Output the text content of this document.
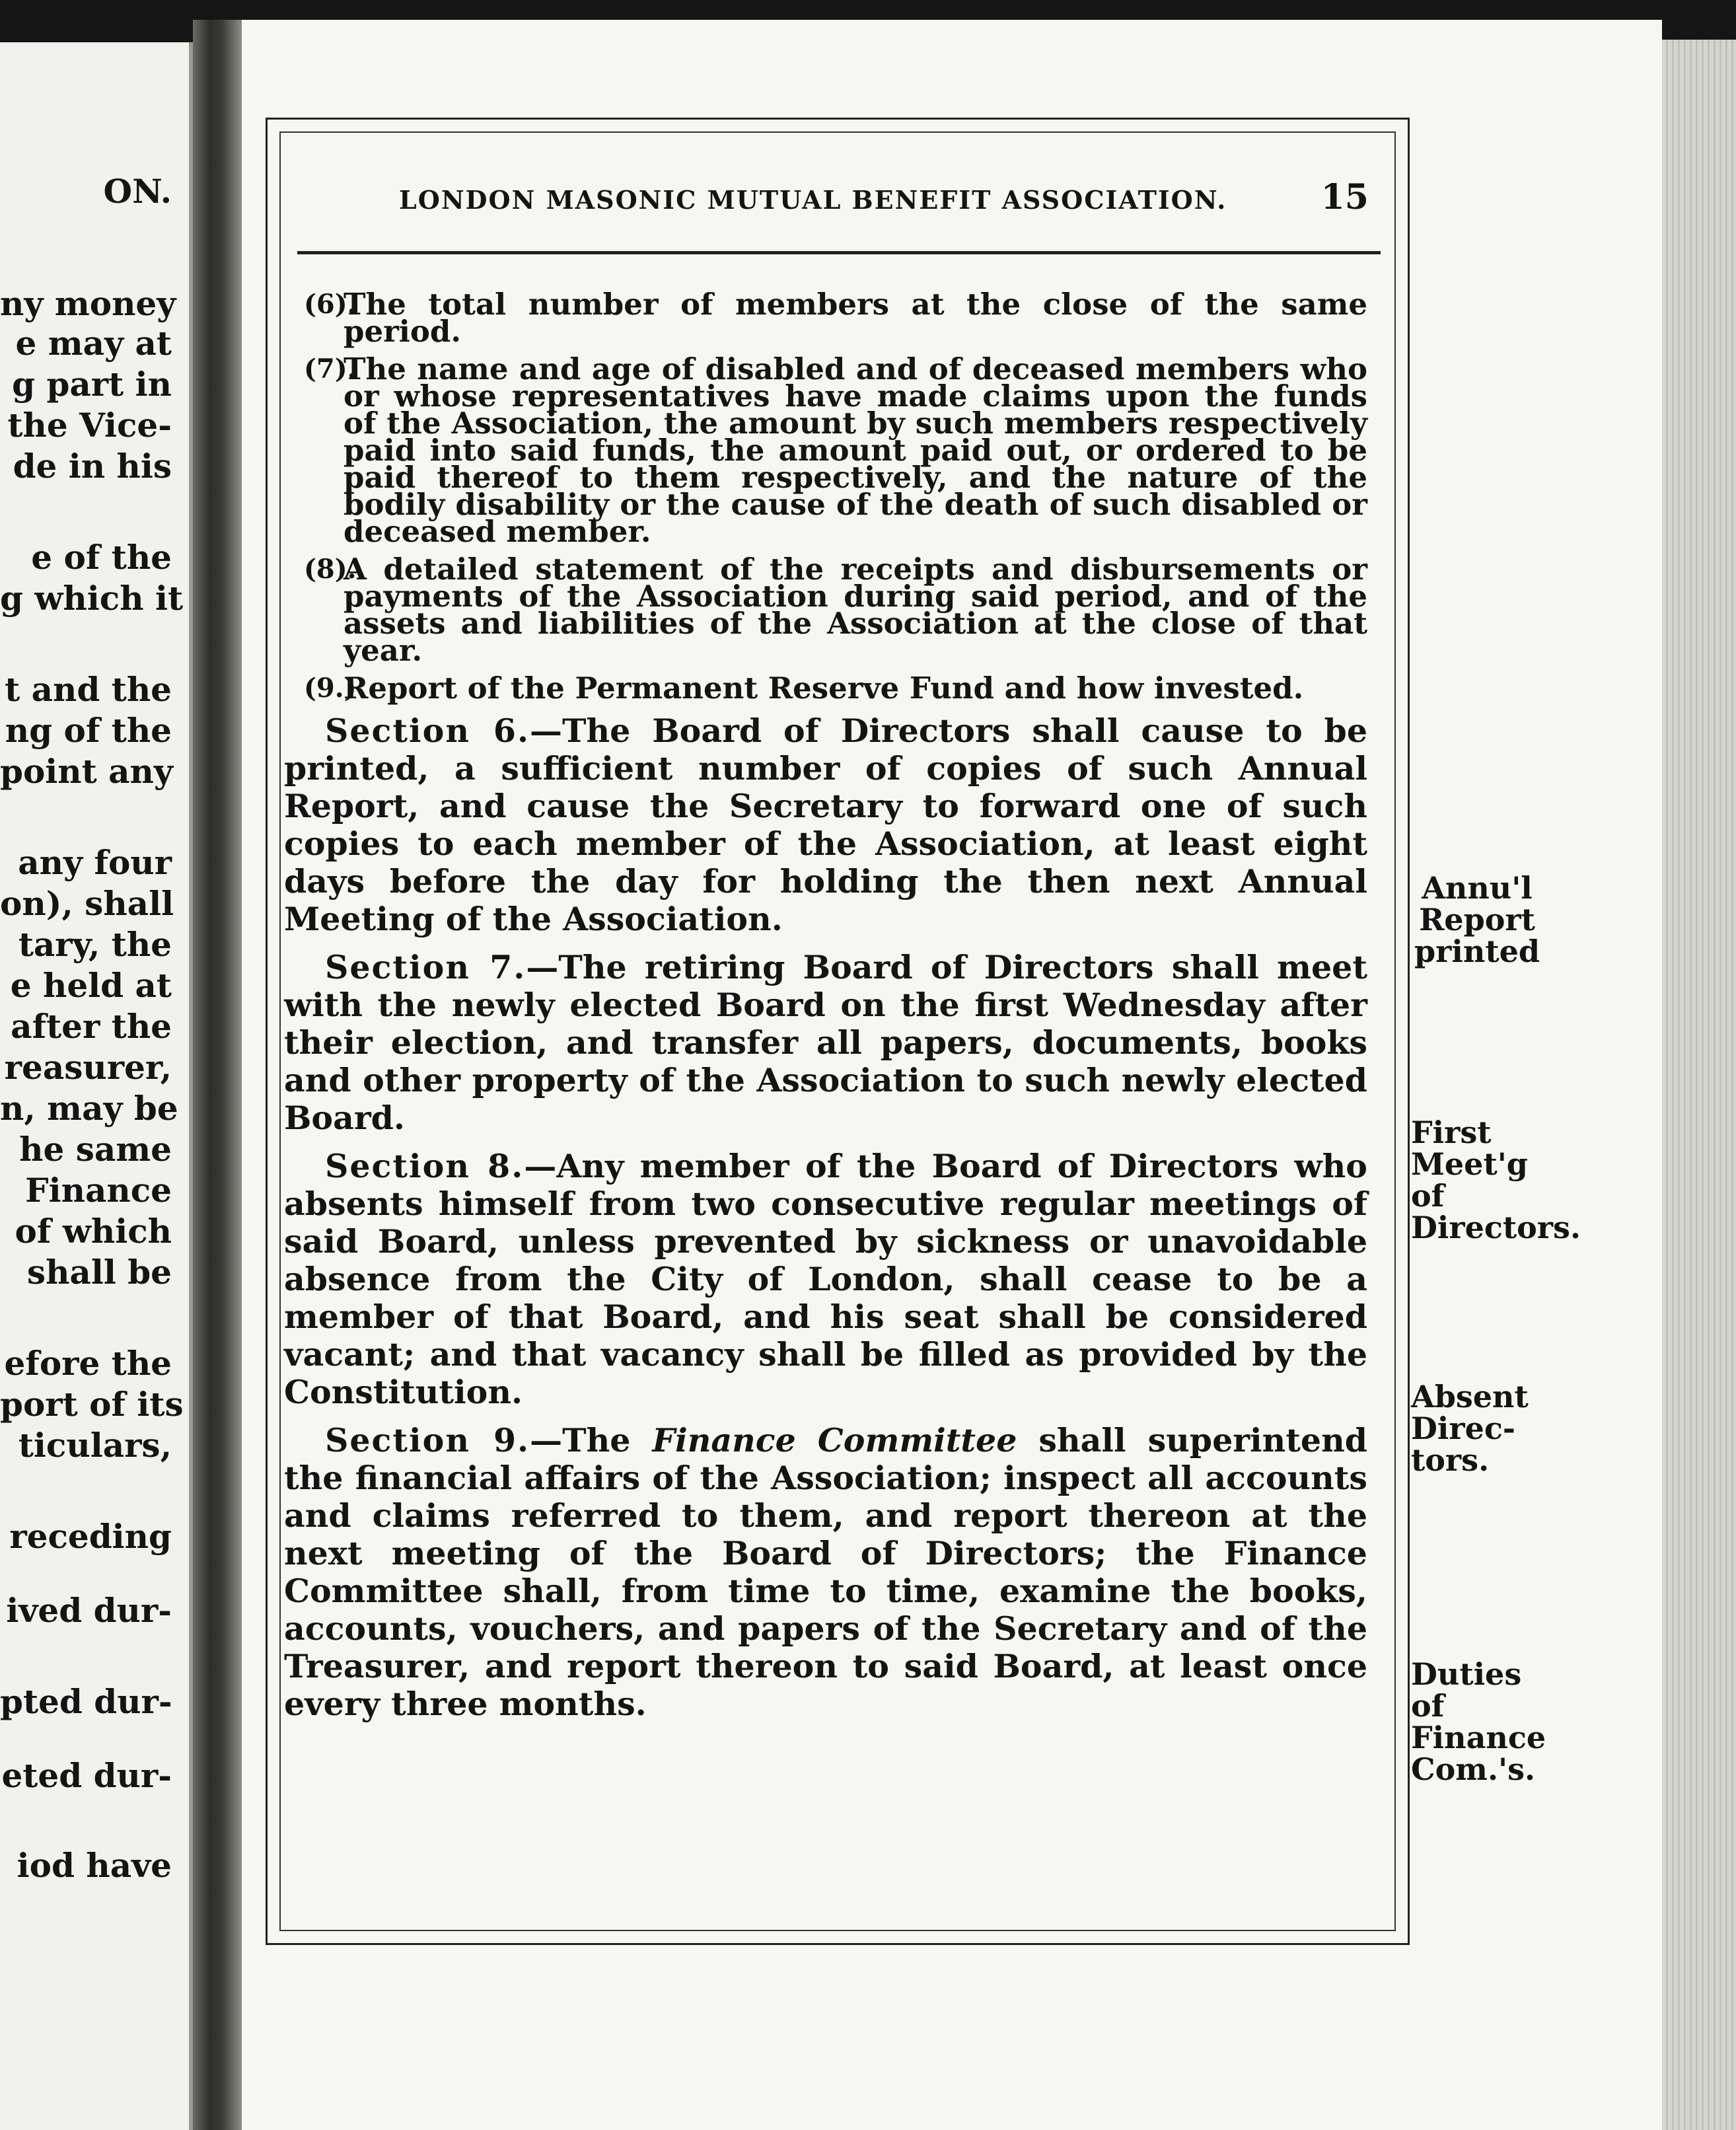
ON.
ny money
e may at
g part in
the Vice-
de in his
e of the
g which it
t and the
ng of the
point any
any four
on), shall
tary, the
e held at
after the
reasurer,
n, may be
he same
Finance
of which
shall be
efore the
port of its
ticulars,
receding
ived dur-
pted dur-
eted dur-
iod have
LONDON MASONIC MUTUAL BENEFIT ASSOCIATION.	15
(6).
The total number of members at the close of the same period.
(7).
The name and age of disabled and of deceased members who or whose representatives have made claims upon the funds of the Association, the amount by such members respectively paid into said funds, the amount paid out, or ordered to be paid thereof to them respectively, and the nature of the bodily disability or the cause of the death of such disabled or deceased member.
(8).
A detailed statement of the receipts and disbursements or payments of the Association during said period, and of the assets and liabilities of the Association at the close of that year.
(9.)
Report of the Permanent Reserve Fund and how invested.

Section 6.—The Board of Directors shall cause to be printed, a sufficient number of copies of such Annual Report, and cause the Secretary to forward one of such copies to each member of the Association, at least eight days before the day for holding the then next Annual Meeting of the Association.

Section 7.—The retiring Board of Directors shall meet with the newly elected Board on the first Wednesday after their election, and transfer all papers, documents, books and other property of the Association to such newly elected Board.

Section 8.—Any member of the Board of Directors who absents himself from two consecutive regular meetings of said Board, unless prevented by sickness or unavoidable absence from the City of London, shall cease to be a member of that Board, and his seat shall be considered vacant; and that vacancy shall be filled as provided by the Constitution.

Section 9.—The Finance Committee shall superintend the financial affairs of the Association; inspect all accounts and claims referred to them, and report thereon at the next meeting of the Board of Directors; the Finance Committee shall, from time to time, examine the books, accounts, vouchers, and papers of the Secretary and of the Treasurer, and report thereon to said Board, at least once every three months.

Annu'l Report printed
First Meet'g of Directors.
Absent Direc-tors.
Duties of Finance Com.'s.
